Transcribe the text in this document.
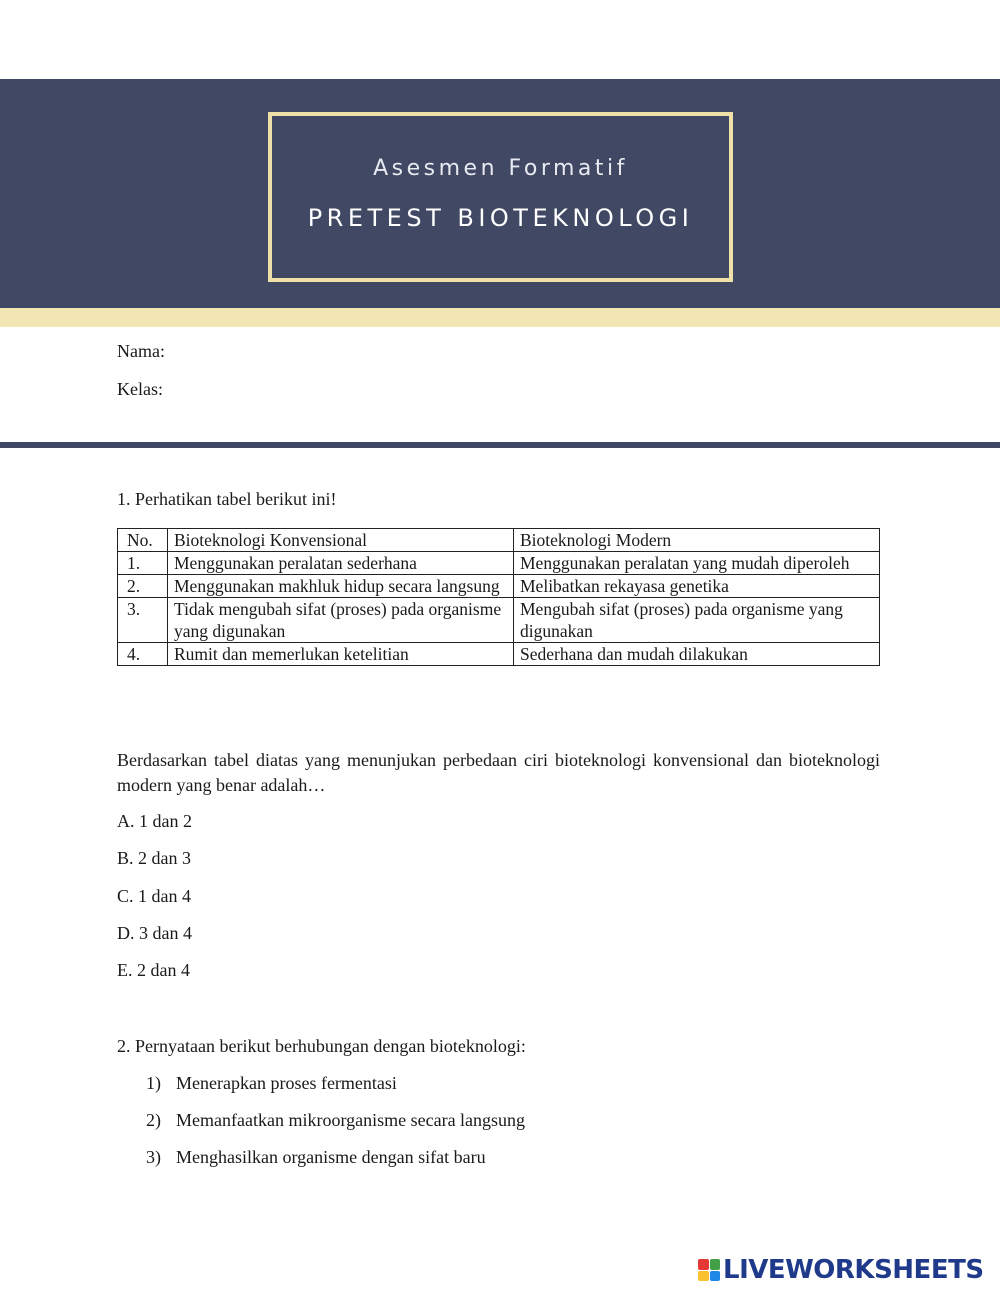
Asesmen Formatif
PRETEST BIOTEKNOLOGI
Nama:
Kelas:
1. Perhatikan tabel berikut ini!
No.	Bioteknologi Konvensional	Bioteknologi Modern
1.	Menggunakan peralatan sederhana	Menggunakan peralatan yang mudah diperoleh
2.	Menggunakan makhluk hidup secara langsung	Melibatkan rekayasa genetika
3.	Tidak mengubah sifat (proses) pada organisme yang digunakan	Mengubah sifat (proses) pada organisme yang digunakan
4.	Rumit dan memerlukan ketelitian	Sederhana dan mudah dilakukan
Berdasarkan tabel diatas yang menunjukan perbedaan ciri bioteknologi konvensional dan bioteknologi modern yang benar adalah…
A. 1 dan 2
B. 2 dan 3
C. 1 dan 4
D. 3 dan 4
E. 2 dan 4
2. Pernyataan berikut berhubungan dengan bioteknologi:
1) Menerapkan proses fermentasi
2) Memanfaatkan mikroorganisme secara langsung
3) Menghasilkan organisme dengan sifat baru
LIVEWORKSHEETS
